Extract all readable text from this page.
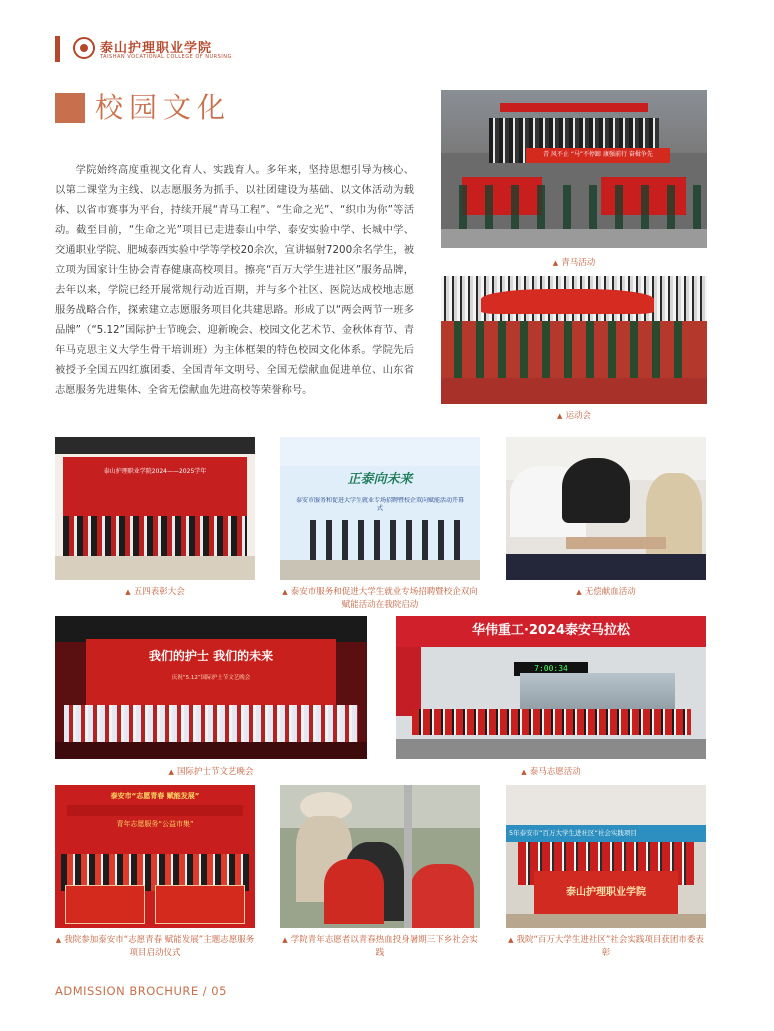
泰山护理职业学院
TAISHAN VOCATIONAL COLLEGE OF NURSING
校园文化
学院始终高度重视文化育人、实践育人。多年来，坚持思想引导为核心、以第二课堂为主线、以志愿服务为抓手、以社团建设为基础、以文体活动为载体、以省市赛事为平台，持续开展“青马工程”、“生命之光”、“织巾为你”等活动。截至目前，“生命之光”项目已走进泰山中学、泰安实验中学、长城中学、交通职业学院、肥城泰西实验中学等学校20余次，宣讲辐射7200余名学生，被立项为国家计生协会青春健康高校项目。擦亮“百万大学生进社区”服务品牌，去年以来，学院已经开展常规行动近百期，并与多个社区、医院达成校地志愿服务战略合作，探索建立志愿服务项目化共建思路。形成了以“两会两节一班多品牌”（“5.12”国际护士节晚会、迎新晚会、校园文化艺术节、金秋体育节、青年马克思主义大学生骨干培训班）为主体框架的特色校园文化体系。学院先后被授予全国五四红旗团委、全国青年文明号、全国无偿献血促进单位、山东省志愿服务先进集体、全省无偿献血先进高校等荣誉称号。
青 风不止 “马”不停蹄 康强前行 奋楫争先
▲ 青马活动
▲ 运动会
泰山护理职业学院2024——2025学年
▲ 五四表彰大会
正泰向未来
泰安市服务和促进大学生就业专场招聘暨校企双向赋能活动开幕式
▲ 泰安市服务和促进大学生就业专场招聘暨校企双向赋能活动在我院启动
▲ 无偿献血活动
我们的护士 我们的未来
庆祝“5.12”国际护士节文艺晚会
▲ 国际护士节文艺晚会
华伟重工·2024泰安马拉松
7:00:34
▲ 泰马志愿活动
泰安市“志愿青春 赋能发展”
青年志愿服务“公益市集”
▲ 我院参加泰安市“志愿青春 赋能发展”主题志愿服务项目启动仪式
▲ 学院青年志愿者以青春热血投身暑期三下乡社会实践
5年泰安市“百万大学生进社区”社会实践项目
泰山护理职业学院
▲ 我院“百万大学生进社区”社会实践项目获团市委表彰
ADMISSION BROCHURE / 05
